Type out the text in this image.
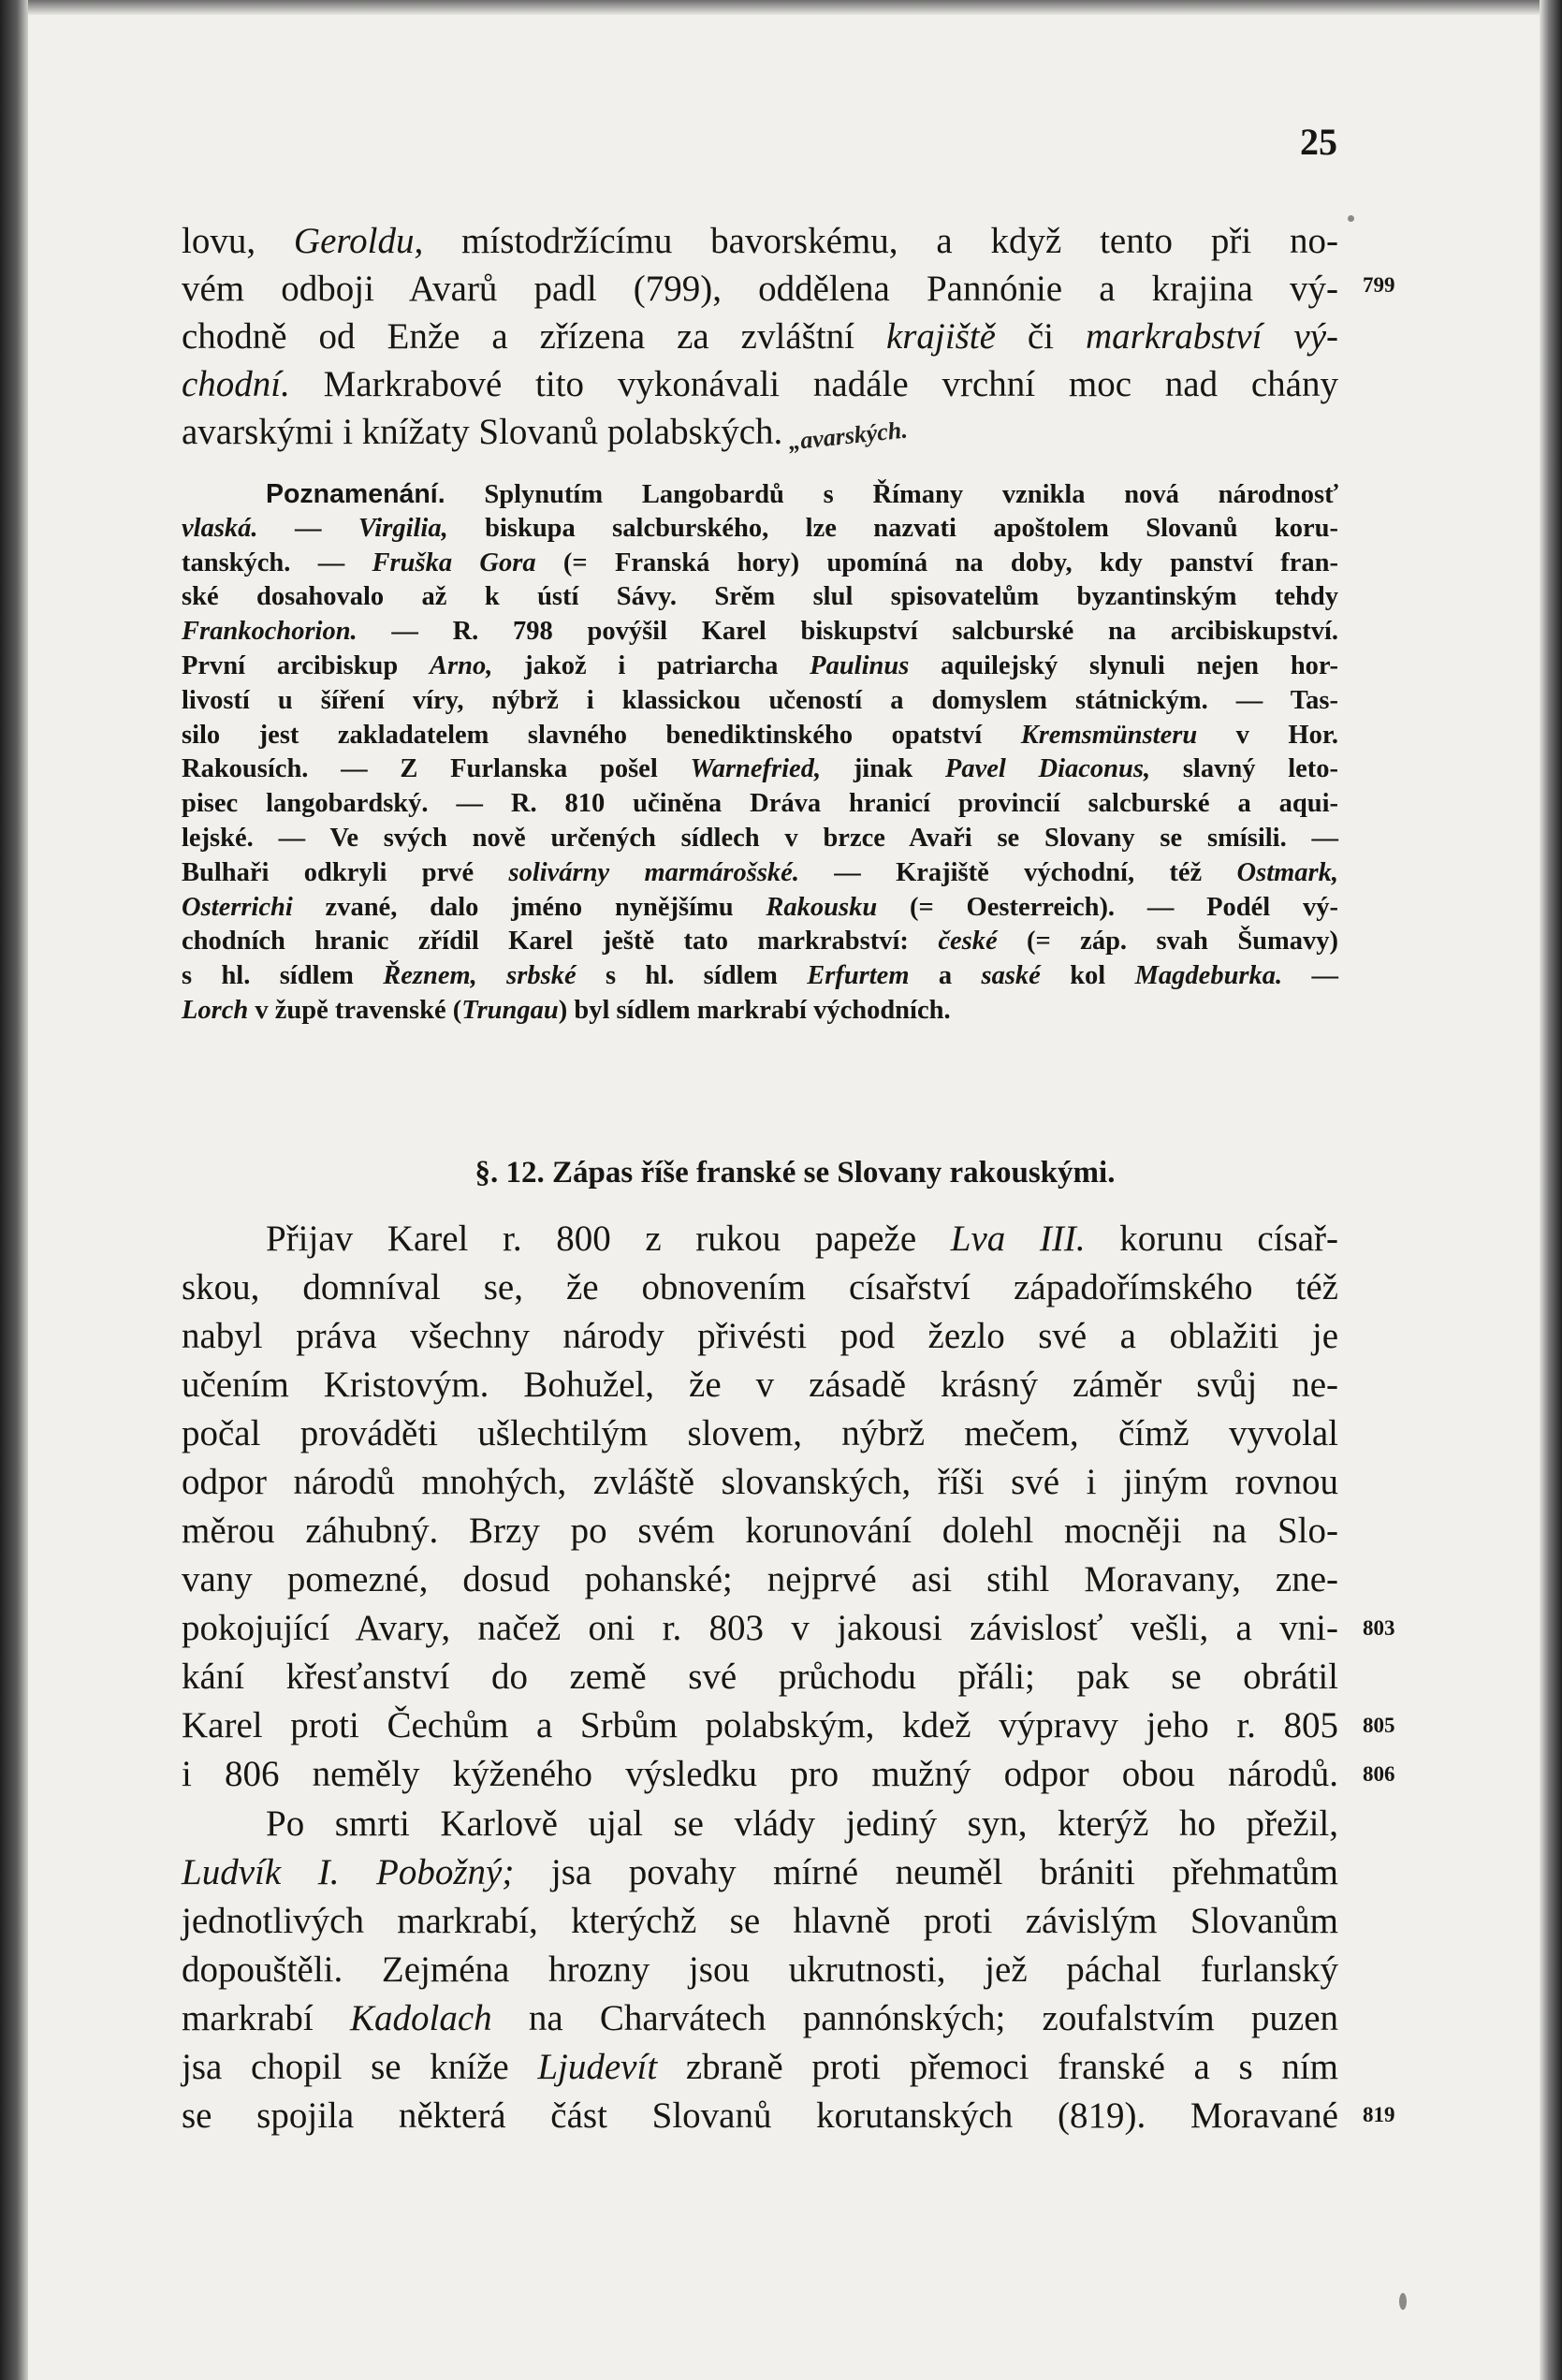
25
lovu, Geroldu, místodržícímu bavorskému, a když tento při no-
vém odboji Avarů padl (799), oddělena Pannónie a krajina vý-
chodně od Enže a zřízena za zvláštní krajiště či markrabství vý-
chodní. Markrabové tito vykonávali nadále vrchní moc nad chány
avarskými i knížaty Slovanů polabských. „avarských.
Poznamenání. Splynutím Langobardů s Římany vznikla nová národnosť
vlaská. — Virgilia, biskupa salcburského, lze nazvati apoštolem Slovanů koru-
tanských. — Fruška Gora (= Franská hory) upomíná na doby, kdy panství fran-
ské dosahovalo až k ústí Sávy. Srěm slul spisovatelům byzantinským tehdy
Frankochorion. — R. 798 povýšil Karel biskupství salcburské na arcibiskupství.
První arcibiskup Arno, jakož i patriarcha Paulinus aquilejský slynuli nejen hor-
livostí u šíření víry, nýbrž i klassickou učeností a domyslem státnickým. — Tas-
silo jest zakladatelem slavného benediktinského opatství Kremsmünsteru v Hor.
Rakousích. — Z Furlanska pošel Warnefried, jinak Pavel Diaconus, slavný leto-
pisec langobardský. — R. 810 učiněna Dráva hranicí provincií salcburské a aqui-
lejské. — Ve svých nově určených sídlech v brzce Avaři se Slovany se smísili. —
Bulhaři odkryli prvé solivárny marmárošské. — Krajiště východní, též Ostmark,
Osterrichi zvané, dalo jméno nynějšímu Rakousku (= Oesterreich). — Podél vý-
chodních hranic zřídil Karel ještě tato markrabství: české (= záp. svah Šumavy)
s hl. sídlem Řeznem, srbské s hl. sídlem Erfurtem a saské kol Magdeburka. —
Lorch v župě travenské (Trungau) byl sídlem markrabí východních.
§. 12. Zápas říše franské se Slovany rakouskými.
Přijav Karel r. 800 z rukou papeže Lva III. korunu císař-
skou, domníval se, že obnovením císařství západořímského též
nabyl práva všechny národy přivésti pod žezlo své a oblažiti je
učením Kristovým. Bohužel, že v zásadě krásný záměr svůj ne-
počal prováděti ušlechtilým slovem, nýbrž mečem, čímž vyvolal
odpor národů mnohých, zvláště slovanských, říši své i jiným rovnou
měrou záhubný. Brzy po svém korunování dolehl mocněji na Slo-
vany pomezné, dosud pohanské; nejprvé asi stihl Moravany, zne-
pokojující Avary, načež oni r. 803 v jakousi závislosť vešli, a vni-
kání křesťanství do země své průchodu přáli; pak se obrátil
Karel proti Čechům a Srbům polabským, kdež výpravy jeho r. 805
i 806 neměly kýženého výsledku pro mužný odpor obou národů.
Po smrti Karlově ujal se vlády jediný syn, kterýž ho přežil,
Ludvík I. Pobožný; jsa povahy mírné neuměl brániti přehmatům
jednotlivých markrabí, kterýchž se hlavně proti závislým Slovanům
dopouštěli. Zejména hrozny jsou ukrutnosti, jež páchal furlanský
markrabí Kadolach na Charvátech pannónských; zoufalstvím puzen
jsa chopil se kníže Ljudevít zbraně proti přemoci franské a s ním
se spojila některá část Slovanů korutanských (819). Moravané
799
803
805
806
819
